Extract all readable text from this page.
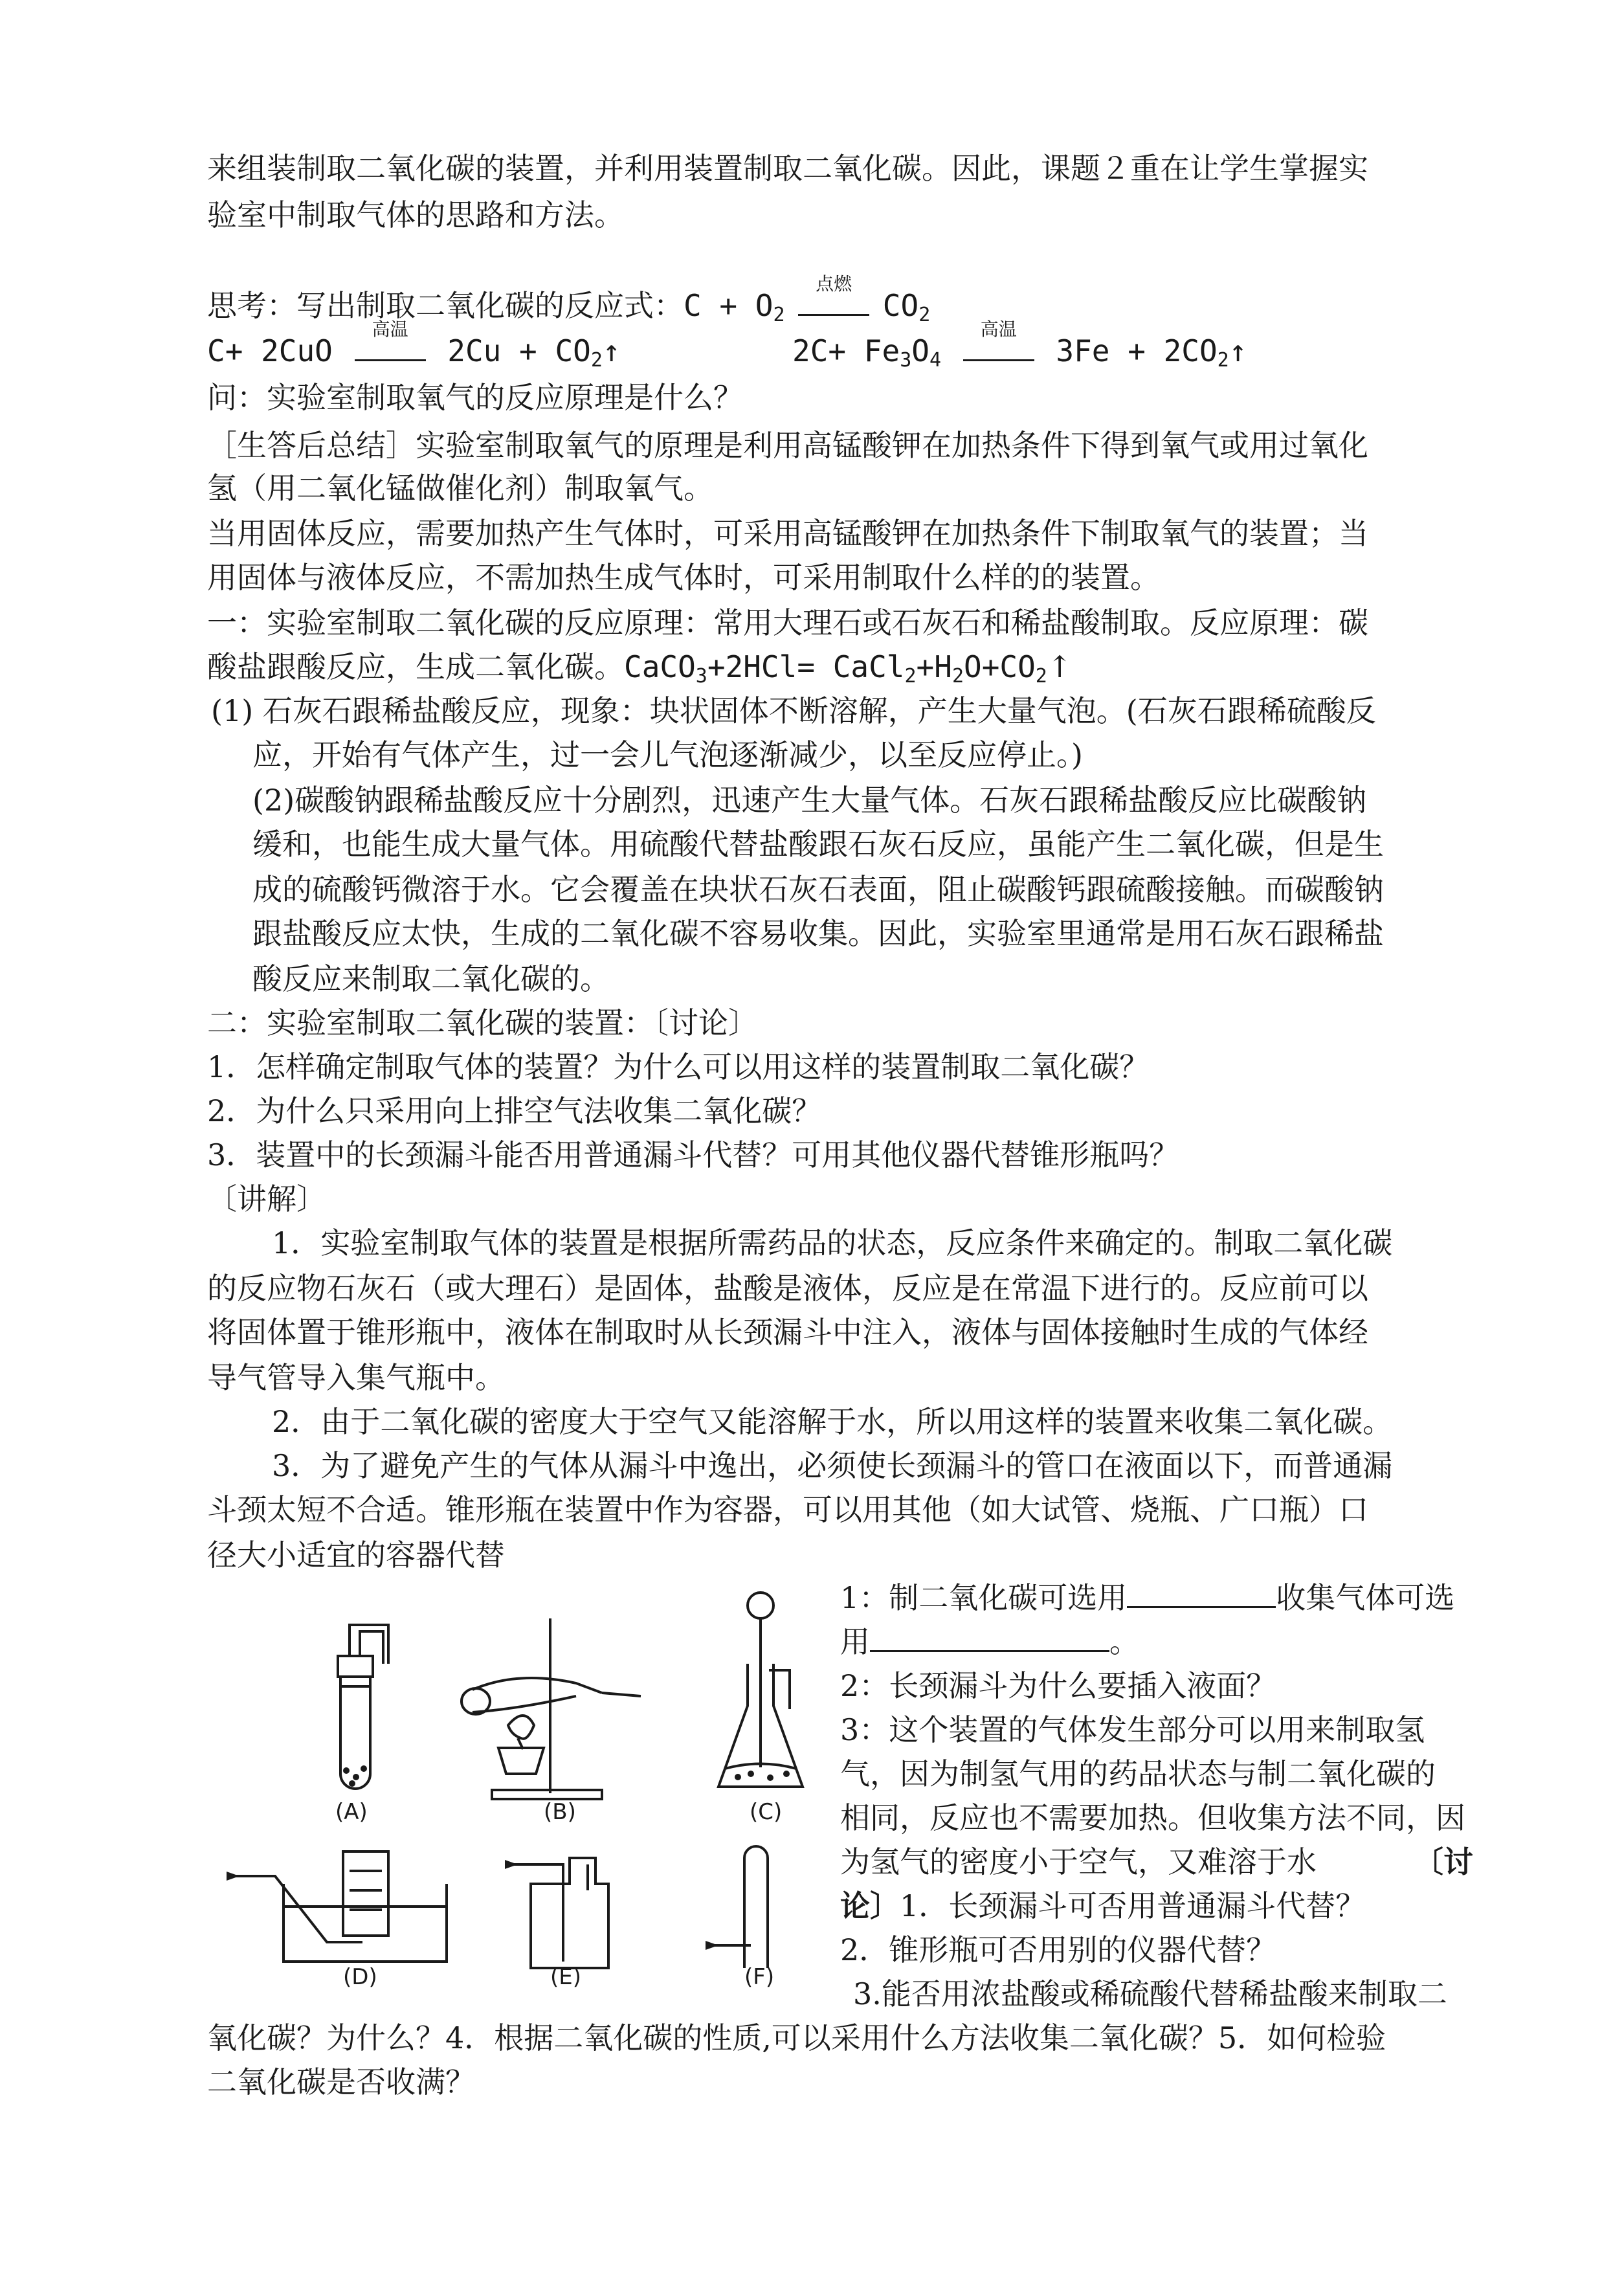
来组装制取二氧化碳的装置，并利用装置制取二氧化碳。因此，课题２重在让学生掌握实
验室中制取气体的思路和方法。
思考：写出制取二氧化碳的反应式：$C + O_2$
点燃
$CO_2$
C+ 2CuO
高温
$2Cu + CO_2↑$	$2C+ Fe_3O_4$
高温
$3Fe + 2CO_2↑$
问：实验室制取氧气的反应原理是什么？
［生答后总结］实验室制取氧气的原理是利用高锰酸钾在加热条件下得到氧气或用过氧化
氢（用二氧化锰做催化剂）制取氧气。
当用固体反应，需要加热产生气体时，可采用高锰酸钾在加热条件下制取氧气的装置；当
用固体与液体反应，不需加热生成气体时，可采用制取什么样的的装置。
一：实验室制取二氧化碳的反应原理：常用大理石或石灰石和稀盐酸制取。反应原理：碳
酸盐跟酸反应，生成二氧化碳。CaCO$_3$+2HCl= $CaCl_2+H_2O+CO_2↑$
(1) 石灰石跟稀盐酸反应，现象：块状固体不断溶解，产生大量气泡。(石灰石跟稀硫酸反
应，开始有气体产生，过一会儿气泡逐渐减少，以至反应停止。)
(2)碳酸钠跟稀盐酸反应十分剧烈，迅速产生大量气体。石灰石跟稀盐酸反应比碳酸钠
缓和，也能生成大量气体。用硫酸代替盐酸跟石灰石反应，虽能产生二氧化碳，但是生
成的硫酸钙微溶于水。它会覆盖在块状石灰石表面，阻止碳酸钙跟硫酸接触。而碳酸钠
跟盐酸反应太快，生成的二氧化碳不容易收集。因此，实验室里通常是用石灰石跟稀盐
酸反应来制取二氧化碳的。
二：实验室制取二氧化碳的装置：〔讨论〕
1．怎样确定制取气体的装置？为什么可以用这样的装置制取二氧化碳？
2．为什么只采用向上排空气法收集二氧化碳？
3．装置中的长颈漏斗能否用普通漏斗代替？可用其他仪器代替锥形瓶吗？
〔讲解〕
1．实验室制取气体的装置是根据所需药品的状态，反应条件来确定的。制取二氧化碳
的反应物石灰石（或大理石）是固体，盐酸是液体，反应是在常温下进行的。反应前可以
将固体置于锥形瓶中，液体在制取时从长颈漏斗中注入，液体与固体接触时生成的气体经
导气管导入集气瓶中。
2．由于二氧化碳的密度大于空气又能溶解于水，所以用这样的装置来收集二氧化碳。
3．为了避免产生的气体从漏斗中逸出，必须使长颈漏斗的管口在液面以下，而普通漏
斗颈太短不合适。锥形瓶在装置中作为容器，可以用其他（如大试管、烧瓶、广口瓶）口
径大小适宜的容器代替
1：制二氧化碳可选用	收集气体可选
用	。
2：长颈漏斗为什么要插入液面？
3：这个装置的气体发生部分可以用来制取氢
气，因为制氢气用的药品状态与制二氧化碳的
相同，反应也不需要加热。但收集方法不同，因
为氢气的密度小于空气，又难溶于水	〔讨
论〕1．长颈漏斗可否用普通漏斗代替？
2．锥形瓶可否用别的仪器代替？
3.能否用浓盐酸或稀硫酸代替稀盐酸来制取二
氧化碳？为什么？4．根据二氧化碳的性质,可以采用什么方法收集二氧化碳？5．如何检验
二氧化碳是否收满？
(A)	(B)	(C)
(D)	(E)	(F)
